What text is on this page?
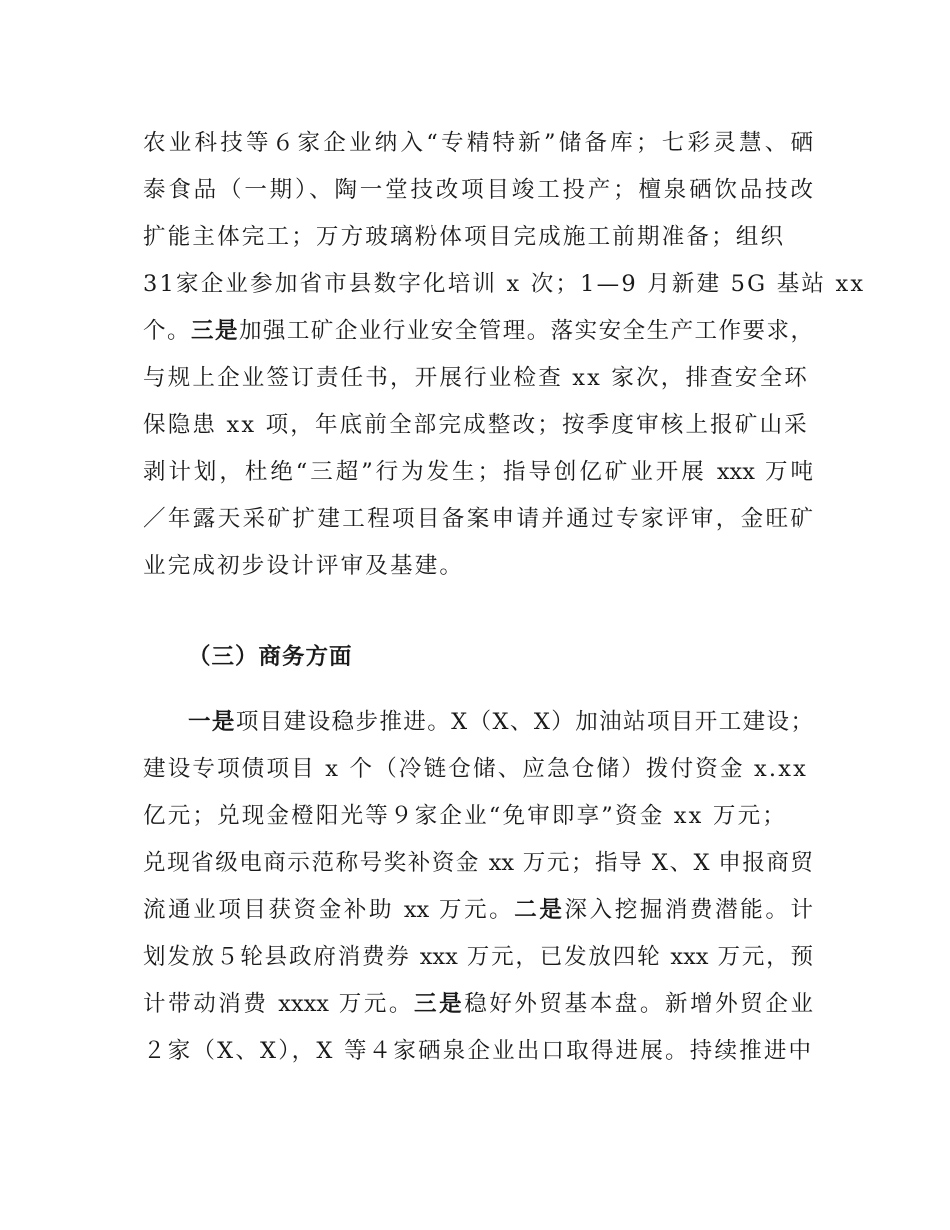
农业科技等６家企业纳入“专精特新”储备库；七彩灵慧、硒
泰食品（一期）、陶一堂技改项目竣工投产；檀泉硒饮品技改
扩能主体完工；万方玻璃粉体项目完成施工前期准备；组织
31家企业参加省市县数字化培训 x 次；1—9 月新建 5G 基站 xx
个。三是加强工矿企业行业安全管理。落实安全生产工作要求，
与规上企业签订责任书，开展行业检查 xx 家次，排查安全环
保隐患 xx 项，年底前全部完成整改；按季度审核上报矿山采
剥计划，杜绝“三超”行为发生；指导创亿矿业开展 xxx 万吨
／年露天采矿扩建工程项目备案申请并通过专家评审，金旺矿
业完成初步设计评审及基建。
（三）商务方面
一是项目建设稳步推进。X（X、X）加油站项目开工建设；
建设专项债项目 x 个（冷链仓储、应急仓储）拨付资金 x.xx
亿元；兑现金橙阳光等９家企业“免审即享”资金 xx 万元；
兑现省级电商示范称号奖补资金 xx 万元；指导 X、X 申报商贸
流通业项目获资金补助 xx 万元。二是深入挖掘消费潜能。计
划发放５轮县政府消费券 xxx 万元，已发放四轮 xxx 万元，预
计带动消费 xxxx 万元。三是稳好外贸基本盘。新增外贸企业
２家（X、X），X 等４家硒泉企业出口取得进展。持续推进中
